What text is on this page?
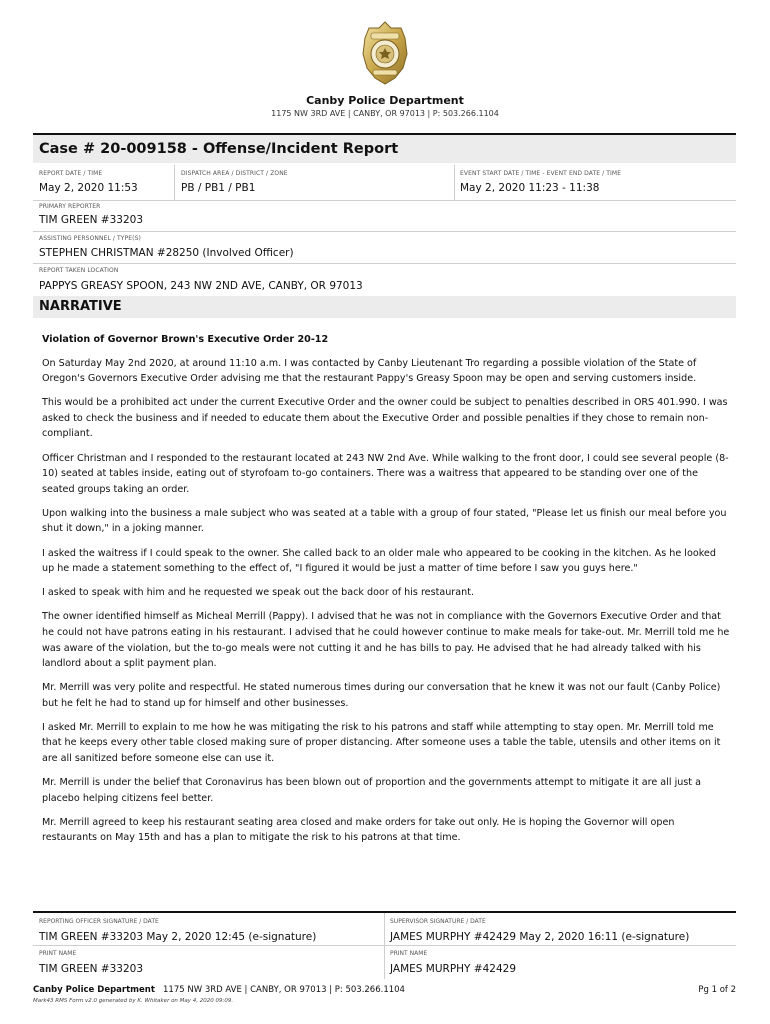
Canby Police Department
1175 NW 3RD AVE | CANBY, OR 97013 | P: 503.266.1104
Case # 20-009158 - Offense/Incident Report
REPORT DATE / TIME
May 2, 2020 11:53
DISPATCH AREA / DISTRICT / ZONE
PB / PB1 / PB1
EVENT START DATE / TIME - EVENT END DATE / TIME
May 2, 2020 11:23 - 11:38
PRIMARY REPORTER
TIM GREEN #33203
ASSISTING PERSONNEL / TYPE(S)
STEPHEN CHRISTMAN #28250 (Involved Officer)
REPORT TAKEN LOCATION
PAPPYS GREASY SPOON, 243 NW 2ND AVE, CANBY, OR 97013
NARRATIVE
Violation of Governor Brown's Executive Order 20-12

On Saturday May 2nd 2020, at around 11:10 a.m. I was contacted by Canby Lieutenant Tro regarding a possible violation of the State of Oregon's Governors Executive Order advising me that the restaurant Pappy's Greasy Spoon may be open and serving customers inside.

This would be a prohibited act under the current Executive Order and the owner could be subject to penalties described in ORS 401.990. I was asked to check the business and if needed to educate them about the Executive Order and possible penalties if they chose to remain non-compliant.

Officer Christman and I responded to the restaurant located at 243 NW 2nd Ave. While walking to the front door, I could see several people (8-10) seated at tables inside, eating out of styrofoam to-go containers. There was a waitress that appeared to be standing over one of the seated groups taking an order.

Upon walking into the business a male subject who was seated at a table with a group of four stated, "Please let us finish our meal before you shut it down," in a joking manner.

I asked the waitress if I could speak to the owner. She called back to an older male who appeared to be cooking in the kitchen. As he looked up he made a statement something to the effect of, "I figured it would be just a matter of time before I saw you guys here."

I asked to speak with him and he requested we speak out the back door of his restaurant.

The owner identified himself as Micheal Merrill (Pappy). I advised that he was not in compliance with the Governors Executive Order and that he could not have patrons eating in his restaurant. I advised that he could however continue to make meals for take-out. Mr. Merrill told me he was aware of the violation, but the to-go meals were not cutting it and he has bills to pay. He advised that he had already talked with his landlord about a split payment plan.

Mr. Merrill was very polite and respectful. He stated numerous times during our conversation that he knew it was not our fault (Canby Police) but he felt he had to stand up for himself and other businesses.

I asked Mr. Merrill to explain to me how he was mitigating the risk to his patrons and staff while attempting to stay open. Mr. Merrill told me that he keeps every other table closed making sure of proper distancing. After someone uses a table the table, utensils and other items on it are all sanitized before someone else can use it.

Mr. Merrill is under the belief that Coronavirus has been blown out of proportion and the governments attempt to mitigate it are all just a placebo helping citizens feel better.

Mr. Merrill agreed to keep his restaurant seating area closed and make orders for take out only. He is hoping the Governor will open restaurants on May 15th and has a plan to mitigate the risk to his patrons at that time.

REPORTING OFFICER SIGNATURE / DATE
TIM GREEN #33203 May 2, 2020 12:45 (e-signature)
PRINT NAME
TIM GREEN #33203
SUPERVISOR SIGNATURE / DATE
JAMES MURPHY #42429 May 2, 2020 16:11 (e-signature)
PRINT NAME
JAMES MURPHY #42429
Canby Police Department 1175 NW 3RD AVE | CANBY, OR 97013 | P: 503.266.1104
Mark43 RMS Form v2.0 generated by K. Whitaker on May 4, 2020 09:09.
Pg 1 of 2
